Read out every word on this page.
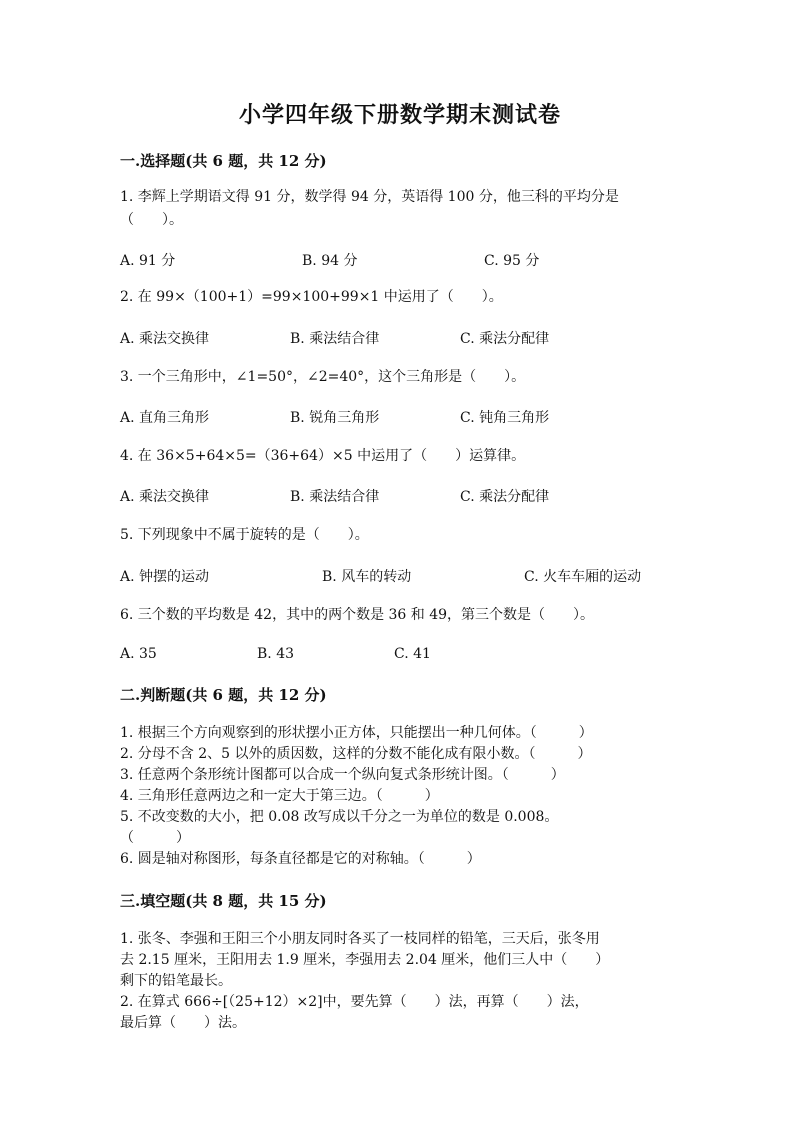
小学四年级下册数学期末测试卷
一.选择题(共 6 题，共 12 分)
1. 李辉上学期语文得 91 分，数学得 94 分，英语得 100 分，他三科的平均分是
（　　）。
A. 91 分	B. 94 分	C. 95 分
2. 在 99×（100+1）=99×100+99×1 中运用了（　　）。
A. 乘法交换律	B. 乘法结合律	C. 乘法分配律
3. 一个三角形中，∠1=50°，∠2=40°，这个三角形是（　　）。
A. 直角三角形	B. 锐角三角形	C. 钝角三角形
4. 在 36×5+64×5=（36+64）×5 中运用了（　　）运算律。
A. 乘法交换律	B. 乘法结合律	C. 乘法分配律
5. 下列现象中不属于旋转的是（　　）。
A. 钟摆的运动	B. 风车的转动	C. 火车车厢的运动
6. 三个数的平均数是 42，其中的两个数是 36 和 49，第三个数是（　　）。
A. 35	B. 43	C. 41
二.判断题(共 6 题，共 12 分)
1. 根据三个方向观察到的形状摆小正方体，只能摆出一种几何体。（　　　）
2. 分母不含 2、5 以外的质因数，这样的分数不能化成有限小数。（　　　）
3. 任意两个条形统计图都可以合成一个纵向复式条形统计图。（　　　）
4. 三角形任意两边之和一定大于第三边。（　　　）
5. 不改变数的大小，把 0.08 改写成以千分之一为单位的数是 0.008。
（　　　）
6. 圆是轴对称图形，每条直径都是它的对称轴。（　　　）
三.填空题(共 8 题，共 15 分)
1. 张冬、李强和王阳三个小朋友同时各买了一枝同样的铅笔，三天后，张冬用
去 2.15 厘米，王阳用去 1.9 厘米，李强用去 2.04 厘米，他们三人中（　　）
剩下的铅笔最长。
2. 在算式 666÷[（25+12）×2]中，要先算（　　）法，再算（　　）法，
最后算（　　）法。
